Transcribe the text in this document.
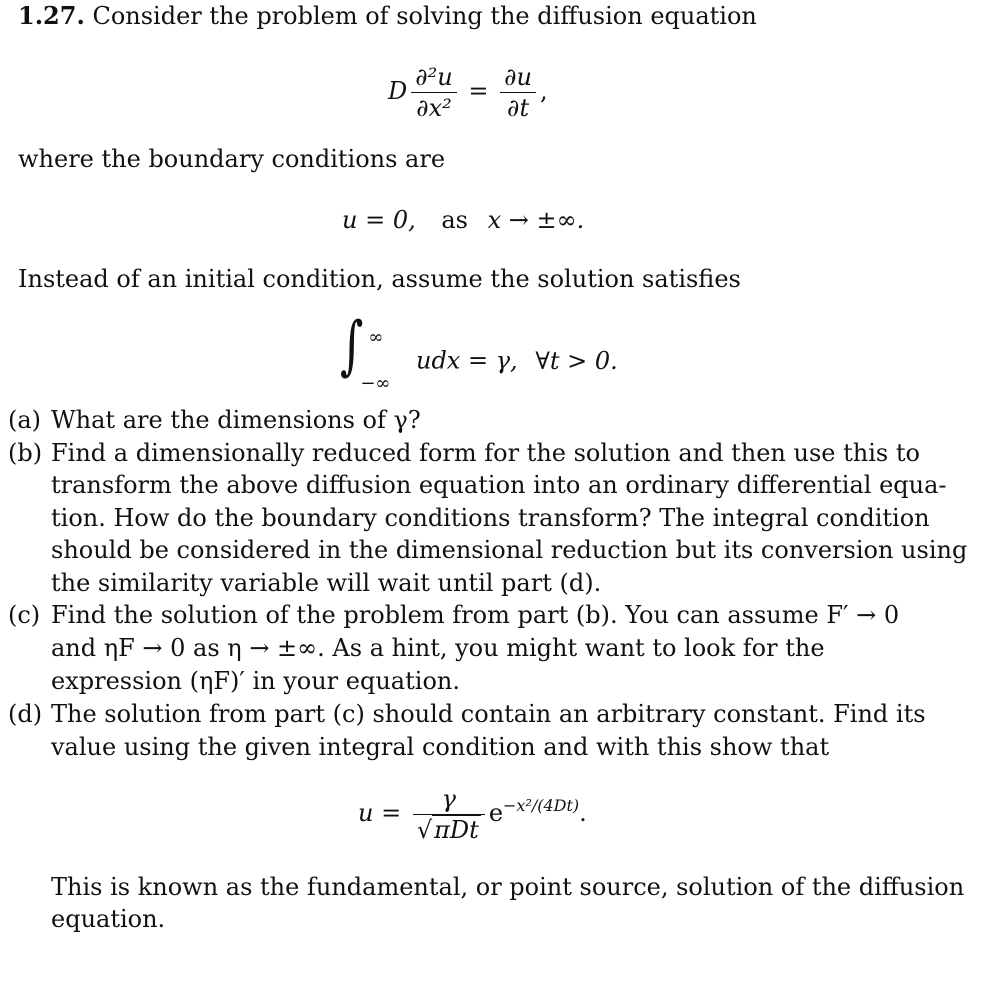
1.27. Consider the problem of solving the diffusion equation
D $\frac{\text{∂²u}}{\text{∂x²}} = \frac{\partial u}{\partial t}$ ,
where the boundary conditions are
u = 0, as x → ±∞.
Instead of an initial condition, assume the solution satisfies
∫ ∞
−∞
udx = γ, ∀t > 0.
(a) What are the dimensions of γ?
(b) Find a dimensionally reduced form for the solution and then use this to
transform the above diffusion equation into an ordinary differential equa-
tion. How do the boundary conditions transform? The integral condition
should be considered in the dimensional reduction but its conversion using
the similarity variable will wait until part (d).
(c) Find the solution of the problem from part (b). You can assume F′ → 0
and ηF → 0 as η → ±∞. As a hint, you might want to look for the
expression (ηF)′ in your equation.
(d) The solution from part (c) should contain an arbitrary constant. Find its
value using the given integral condition and with this show that
$u = \frac{\gamma}{\text{√πDt}} e^{-x^2/(4Dt)}$.
This is known as the fundamental, or point source, solution of the diffusion
equation.
